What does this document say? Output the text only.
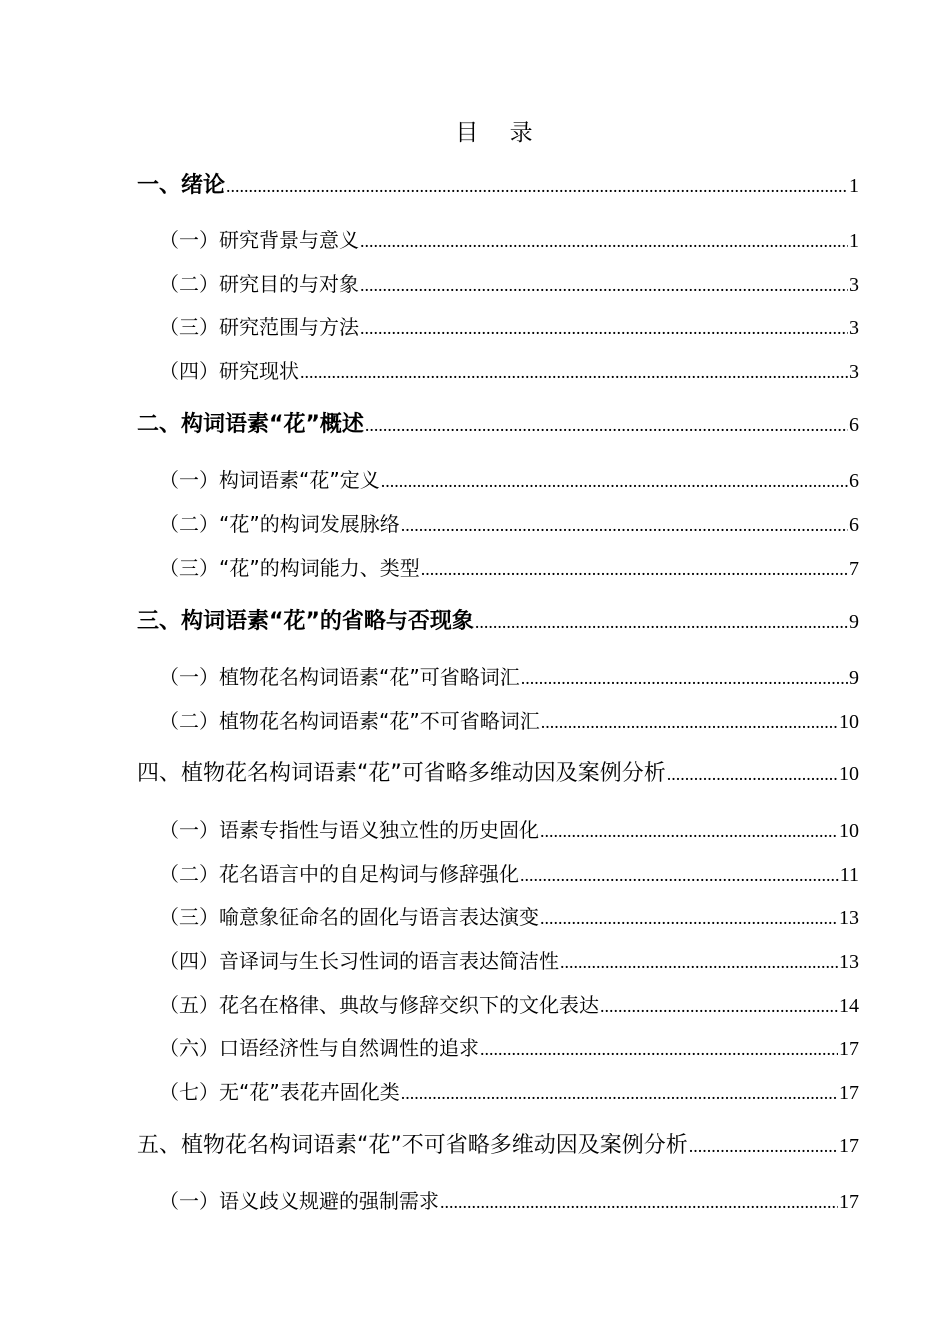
目 录
一、绪论 .....	1
（一）研究背景与意义 .....	1
（二）研究目的与对象 .....	3
（三）研究范围与方法 .....	3
（四）研究现状 .....	3
二、构词语素“花”概述 .....	6
（一）构词语素“花”定义 .....	6
（二）“花”的构词发展脉络 .....	6
（三）“花”的构词能力、类型 .....	7
三、构词语素“花”的省略与否现象 .....	9
（一）植物花名构词语素“花”可省略词汇 .....	9
（二）植物花名构词语素“花”不可省略词汇 .....	10
四、植物花名构词语素“花”可省略多维动因及案例分析 .....	10
（一）语素专指性与语义独立性的历史固化 .....	10
（二）花名语言中的自足构词与修辞强化 .....	11
（三）喻意象征命名的固化与语言表达演变 .....	13
（四）音译词与生长习性词的语言表达简洁性 .....	13
（五）花名在格律、典故与修辞交织下的文化表达 .....	14
（六）口语经济性与自然调性的追求 .....	17
（七）无“花”表花卉固化类 .....	17
五、植物花名构词语素“花”不可省略多维动因及案例分析 .....	17
（一）语义歧义规避的强制需求 .....	17
